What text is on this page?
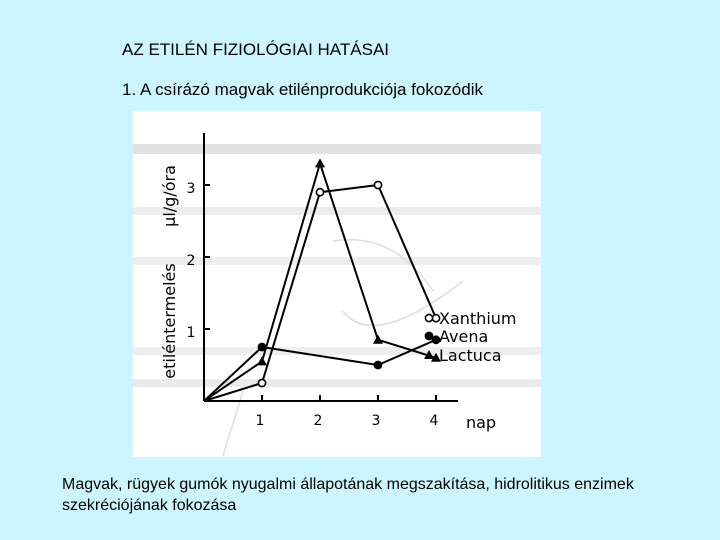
AZ ETILÉN FIZIOLÓGIAI HATÁSAI
1. A csírázó magvak etilénprodukciója fokozódik
1	2	3	4
1
2
3
nap
etiléntermelés
µl/g/óra
Xanthium
Avena
Lactuca
Magvak, rügyek gumók nyugalmi állapotának megszakítása, hidrolitikus enzimek szekréciójának fokozása
